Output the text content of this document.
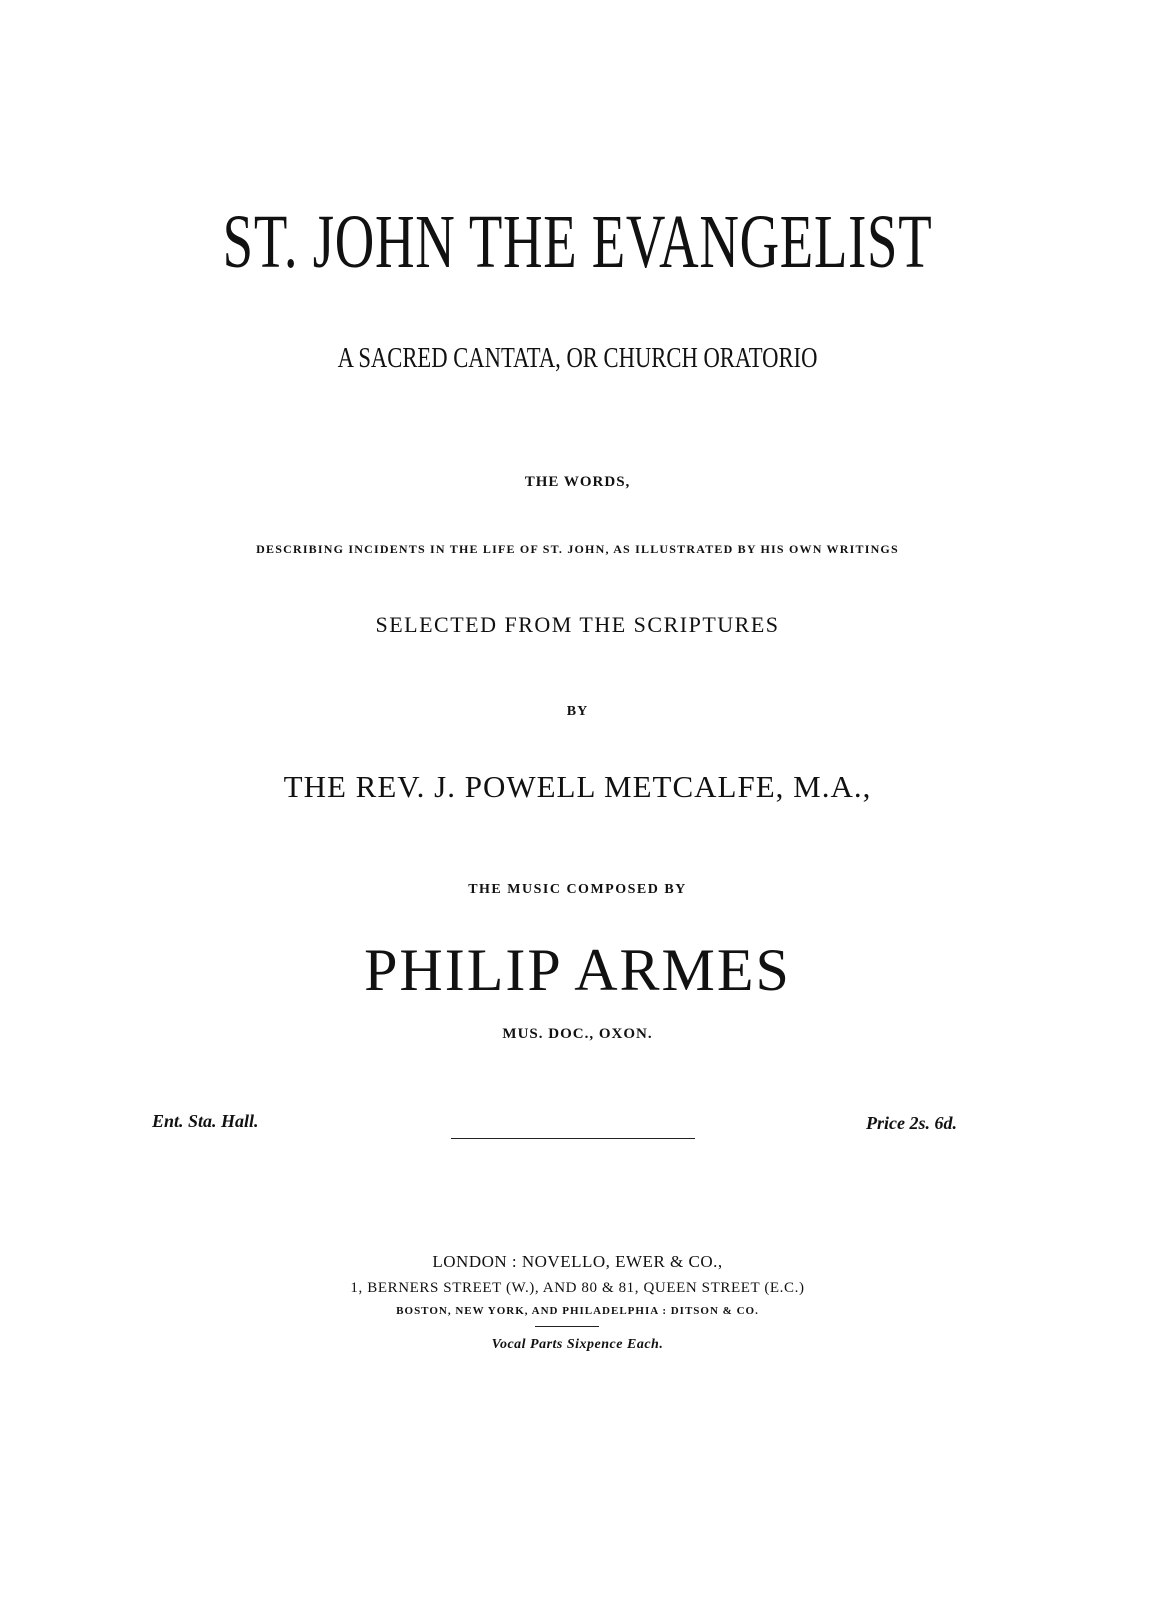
ST. JOHN THE EVANGELIST
A SACRED CANTATA, OR CHURCH ORATORIO
THE WORDS,
DESCRIBING INCIDENTS IN THE LIFE OF ST. JOHN, AS ILLUSTRATED BY HIS OWN WRITINGS
SELECTED FROM THE SCRIPTURES
BY
THE REV. J. POWELL METCALFE, M.A.,
THE MUSIC COMPOSED BY
PHILIP ARMES
MUS. DOC., OXON.
Ent. Sta. Hall.	Price 2s. 6d.
LONDON : NOVELLO, EWER & CO.,
1, BERNERS STREET (W.), AND 80 & 81, QUEEN STREET (E.C.)
BOSTON, NEW YORK, AND PHILADELPHIA : DITSON & CO.
Vocal Parts Sixpence Each.
